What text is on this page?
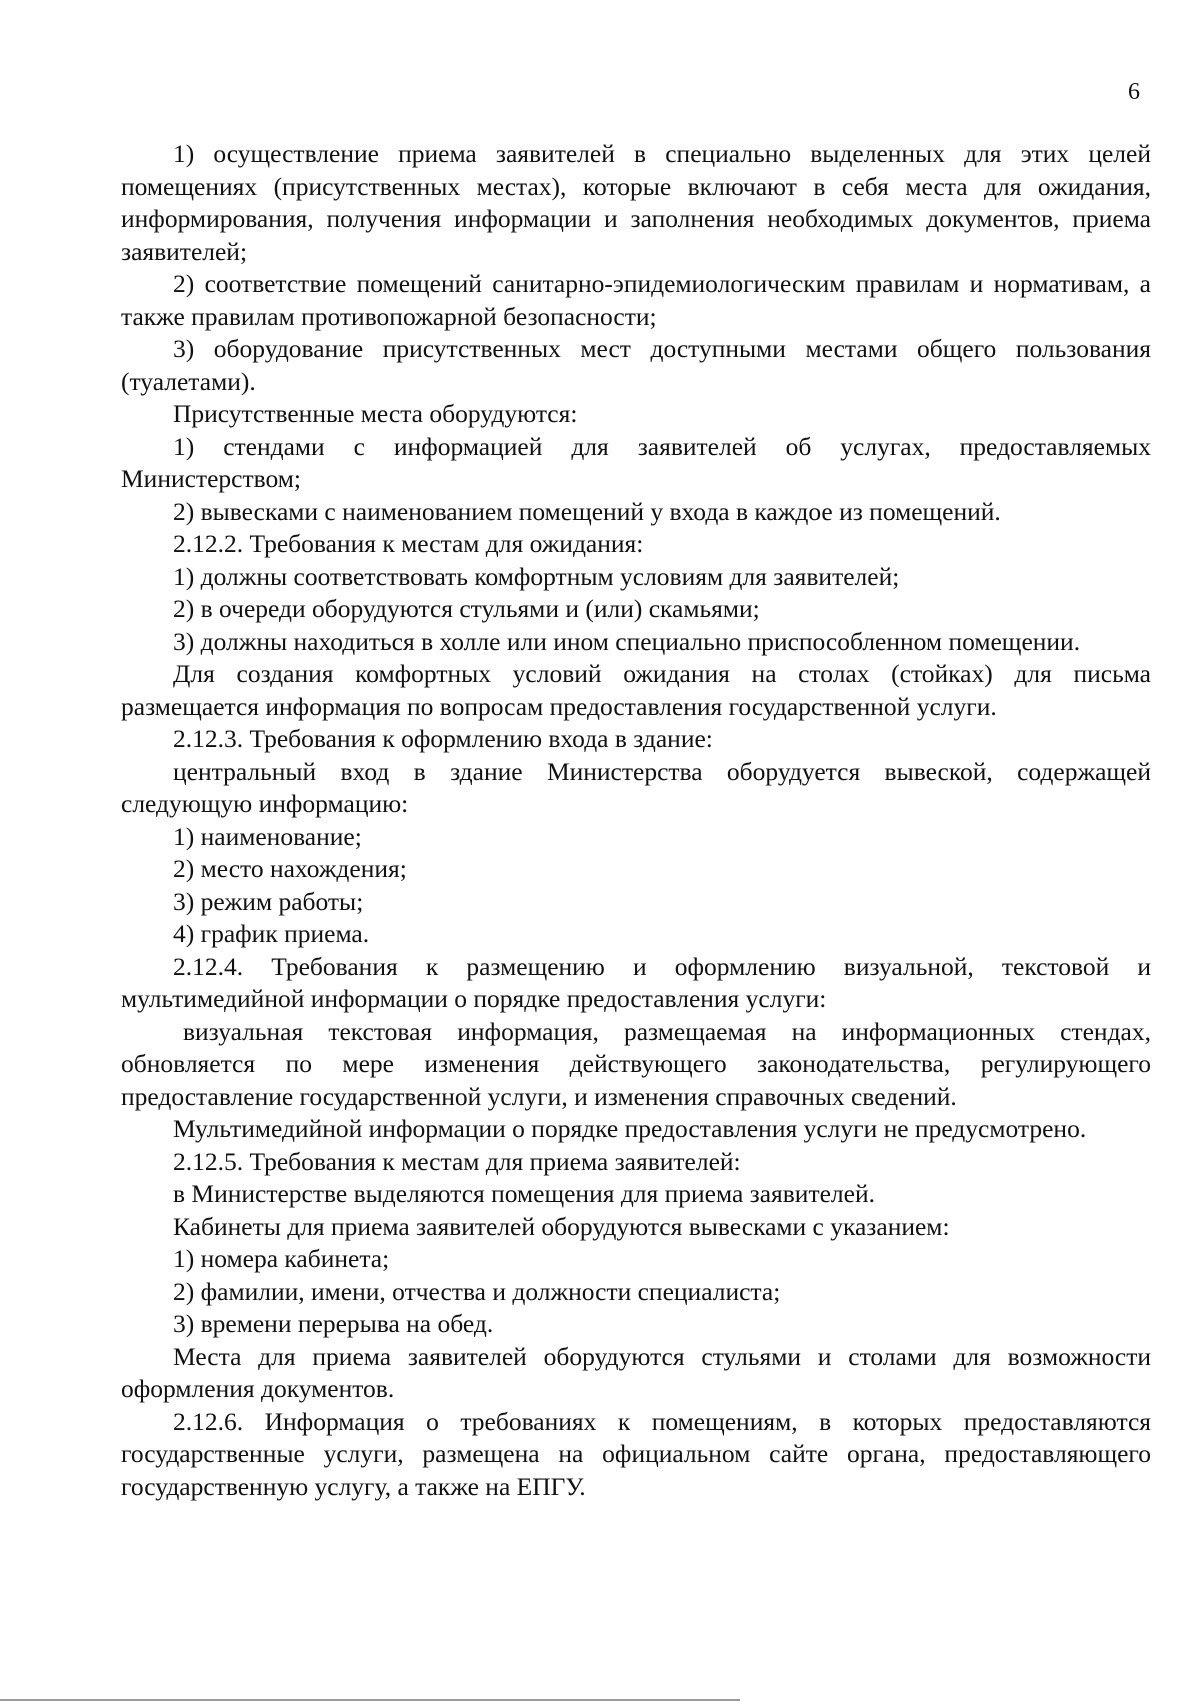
6

1) осуществление приема заявителей в специально выделенных для этих целей помещениях (присутственных местах), которые включают в себя места для ожидания, информирования, получения информации и заполнения необходимых документов, приема заявителей;

2) соответствие помещений санитарно-эпидемиологическим правилам и нормативам, а также правилам противопожарной безопасности;

3) оборудование присутственных мест доступными местами общего пользования (туалетами).

Присутственные места оборудуются:

1) стендами с информацией для заявителей об услугах, предоставляемых Министерством;

2) вывесками с наименованием помещений у входа в каждое из помещений.

2.12.2. Требования к местам для ожидания:

1) должны соответствовать комфортным условиям для заявителей;

2) в очереди оборудуются стульями и (или) скамьями;

3) должны находиться в холле или ином специально приспособленном помещении.

Для создания комфортных условий ожидания на столах (стойках) для письма размещается информация по вопросам предоставления государственной услуги.

2.12.3. Требования к оформлению входа в здание:

центральный вход в здание Министерства оборудуется вывеской, содержащей следующую информацию:

1) наименование;

2) место нахождения;

3) режим работы;

4) график приема.

2.12.4. Требования к размещению и оформлению визуальной, текстовой и мультимедийной информации о порядке предоставления услуги:

визуальная текстовая информация, размещаемая на информационных стендах, обновляется по мере изменения действующего законодательства, регулирующего предоставление государственной услуги, и изменения справочных сведений.

Мультимедийной информации о порядке предоставления услуги не предусмотрено.

2.12.5. Требования к местам для приема заявителей:

в Министерстве выделяются помещения для приема заявителей.

Кабинеты для приема заявителей оборудуются вывесками с указанием:

1) номера кабинета;

2) фамилии, имени, отчества и должности специалиста;

3) времени перерыва на обед.

Места для приема заявителей оборудуются стульями и столами для возможности оформления документов.

2.12.6. Информация о требованиях к помещениям, в которых предоставляются государственные услуги, размещена на официальном сайте органа, предоставляющего государственную услугу, а также на ЕПГУ.
